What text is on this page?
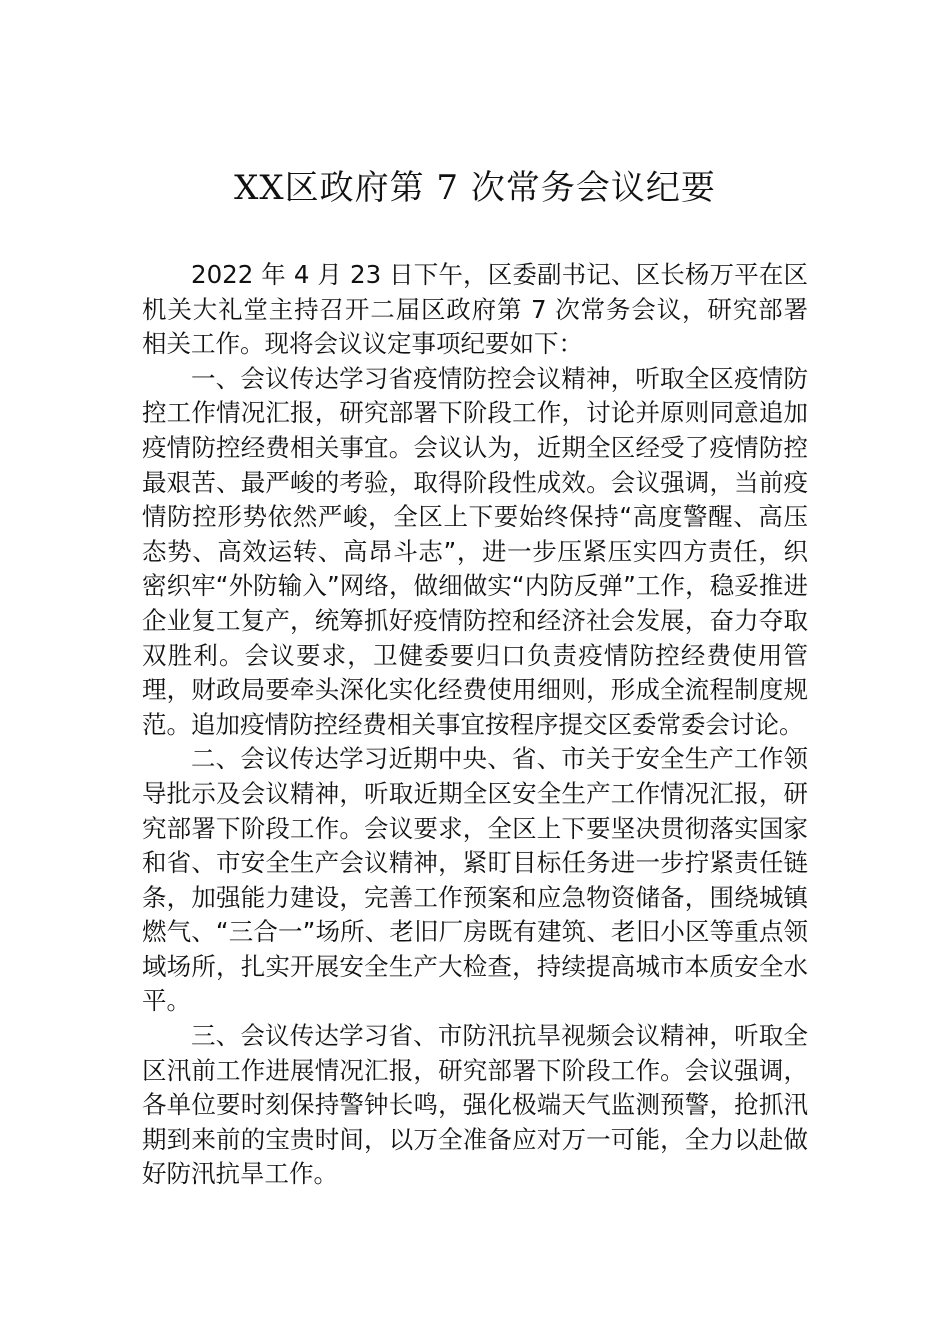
XX区政府第 7 次常务会议纪要

2022 年 4 月 23 日下午，区委副书记、区长杨万平在区机关大礼堂主持召开二届区政府第 7 次常务会议，研究部署相关工作。现将会议议定事项纪要如下：

一、会议传达学习省疫情防控会议精神，听取全区疫情防控工作情况汇报，研究部署下阶段工作，讨论并原则同意追加疫情防控经费相关事宜。会议认为，近期全区经受了疫情防控最艰苦、最严峻的考验，取得阶段性成效。会议强调，当前疫情防控形势依然严峻，全区上下要始终保持“高度警醒、高压态势、高效运转、高昂斗志”，进一步压紧压实四方责任，织密织牢“外防输入”网络，做细做实“内防反弹”工作，稳妥推进企业复工复产，统筹抓好疫情防控和经济社会发展，奋力夺取双胜利。会议要求，卫健委要归口负责疫情防控经费使用管理，财政局要牵头深化实化经费使用细则，形成全流程制度规范。追加疫情防控经费相关事宜按程序提交区委常委会讨论。

二、会议传达学习近期中央、省、市关于安全生产工作领导批示及会议精神，听取近期全区安全生产工作情况汇报，研究部署下阶段工作。会议要求，全区上下要坚决贯彻落实国家和省、市安全生产会议精神，紧盯目标任务进一步拧紧责任链条，加强能力建设，完善工作预案和应急物资储备，围绕城镇燃气、“三合一”场所、老旧厂房既有建筑、老旧小区等重点领域场所，扎实开展安全生产大检查，持续提高城市本质安全水平。

三、会议传达学习省、市防汛抗旱视频会议精神，听取全区汛前工作进展情况汇报，研究部署下阶段工作。会议强调，各单位要时刻保持警钟长鸣，强化极端天气监测预警，抢抓汛期到来前的宝贵时间，以万全准备应对万一可能，全力以赴做好防汛抗旱工作。
